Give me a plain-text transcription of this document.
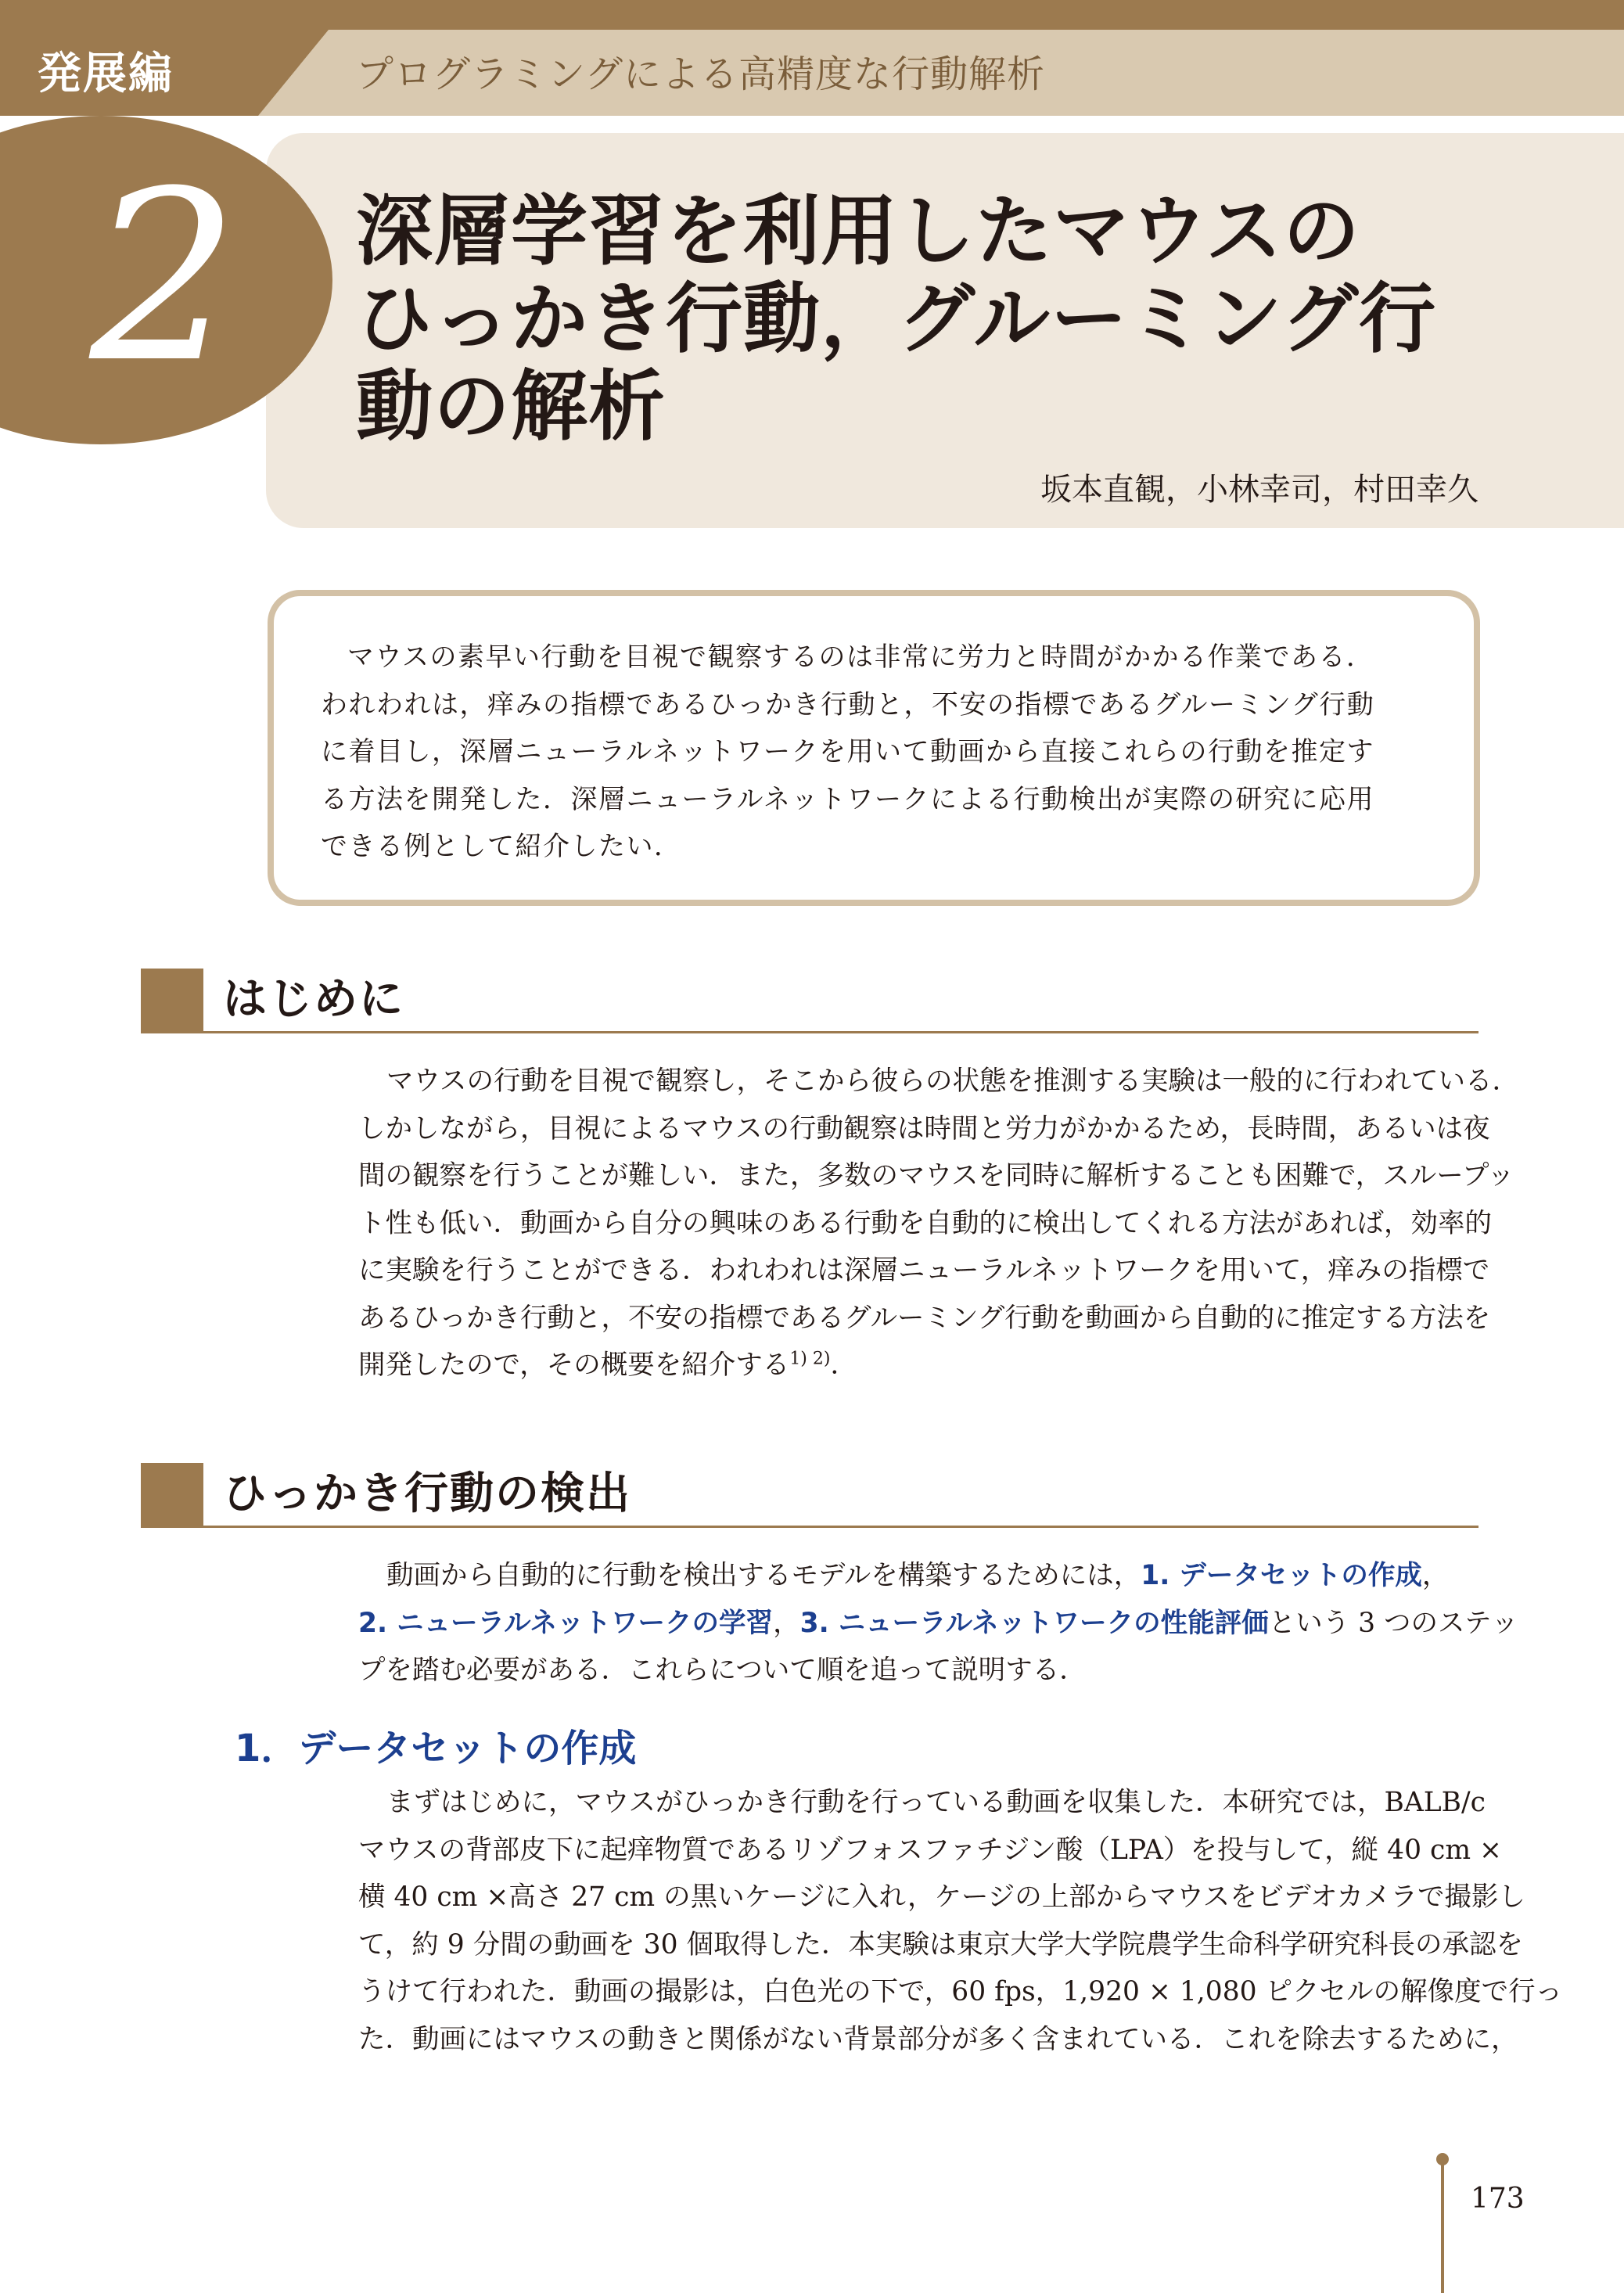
発展編	プログラミングによる高精度な行動解析
2	深層学習を利用したマウスの
ひっかき行動，グルーミング行
動の解析
坂本直観，小林幸司，村田幸久
マウスの素早い行動を目視で観察するのは非常に労力と時間がかかる作業である．
われわれは，痒みの指標であるひっかき行動と，不安の指標であるグルーミング行動
に着目し，深層ニューラルネットワークを用いて動画から直接これらの行動を推定す
る方法を開発した．深層ニューラルネットワークによる行動検出が実際の研究に応用
できる例として紹介したい．
はじめに
マウスの行動を目視で観察し，そこから彼らの状態を推測する実験は一般的に行われている．
しかしながら，目視によるマウスの行動観察は時間と労力がかかるため，長時間，あるいは夜
間の観察を行うことが難しい．また，多数のマウスを同時に解析することも困難で，スループッ
ト性も低い．動画から自分の興味のある行動を自動的に検出してくれる方法があれば，効率的
に実験を行うことができる．われわれは深層ニューラルネットワークを用いて，痒みの指標で
あるひっかき行動と，不安の指標であるグルーミング行動を動画から自動的に推定する方法を
開発したので，その概要を紹介する$^{1) 2)}$．
ひっかき行動の検出
動画から自動的に行動を検出するモデルを構築するためには，1. データセットの作成，
2. ニューラルネットワークの学習，3. ニューラルネットワークの性能評価という 3 つのステッ
プを踏む必要がある．これらについて順を追って説明する．
1．データセットの作成
まずはじめに，マウスがひっかき行動を行っている動画を収集した．本研究では，BALB/c
マウスの背部皮下に起痒物質であるリゾフォスファチジン酸（LPA）を投与して，縦 40 cm ×
横 40 cm ×高さ 27 cm の黒いケージに入れ，ケージの上部からマウスをビデオカメラで撮影し
て，約 9 分間の動画を 30 個取得した．本実験は東京大学大学院農学生命科学研究科長の承認を
うけて行われた．動画の撮影は，白色光の下で，60 fps，1,920 × 1,080 ピクセルの解像度で行っ
た．動画にはマウスの動きと関係がない背景部分が多く含まれている．これを除去するために，
173
